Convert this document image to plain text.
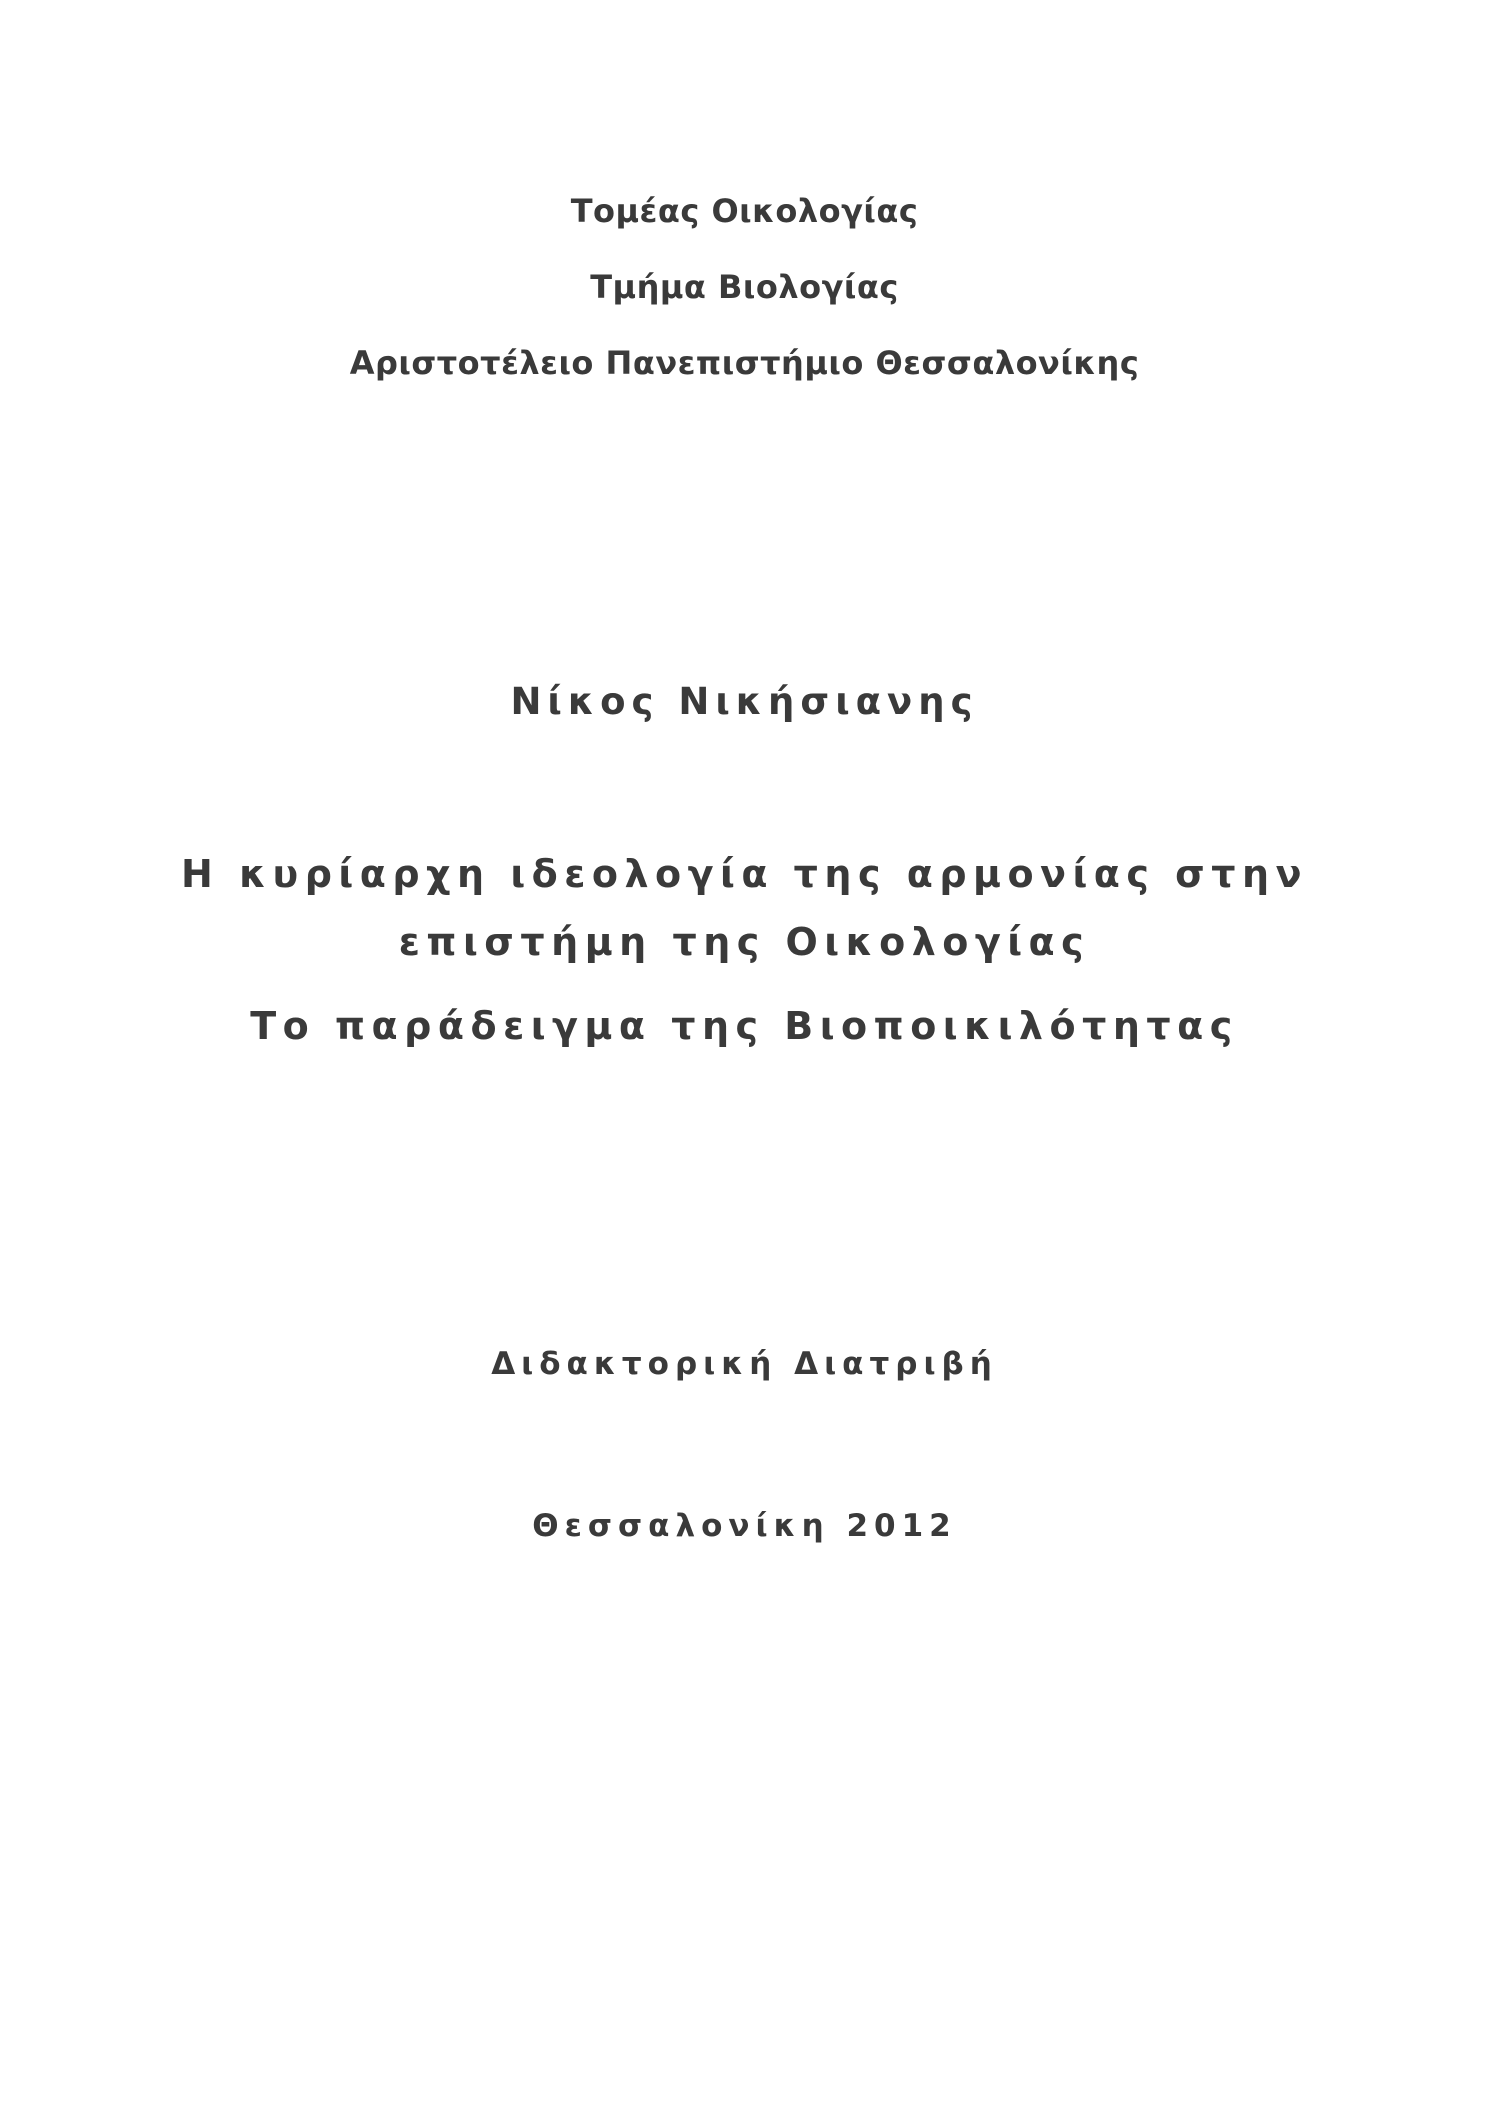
Τομέας Οικολογίας
Τμήμα Βιολογίας
Αριστοτέλειο Πανεπιστήμιο Θεσσαλονίκης
Νίκος Νικήσιανης
Η κυρίαρχη ιδεολογία της αρμονίας στην
επιστήμη της Οικολογίας
Το παράδειγμα της Βιοποικιλότητας
Διδακτορική Διατριβή
Θεσσαλονίκη 2012
